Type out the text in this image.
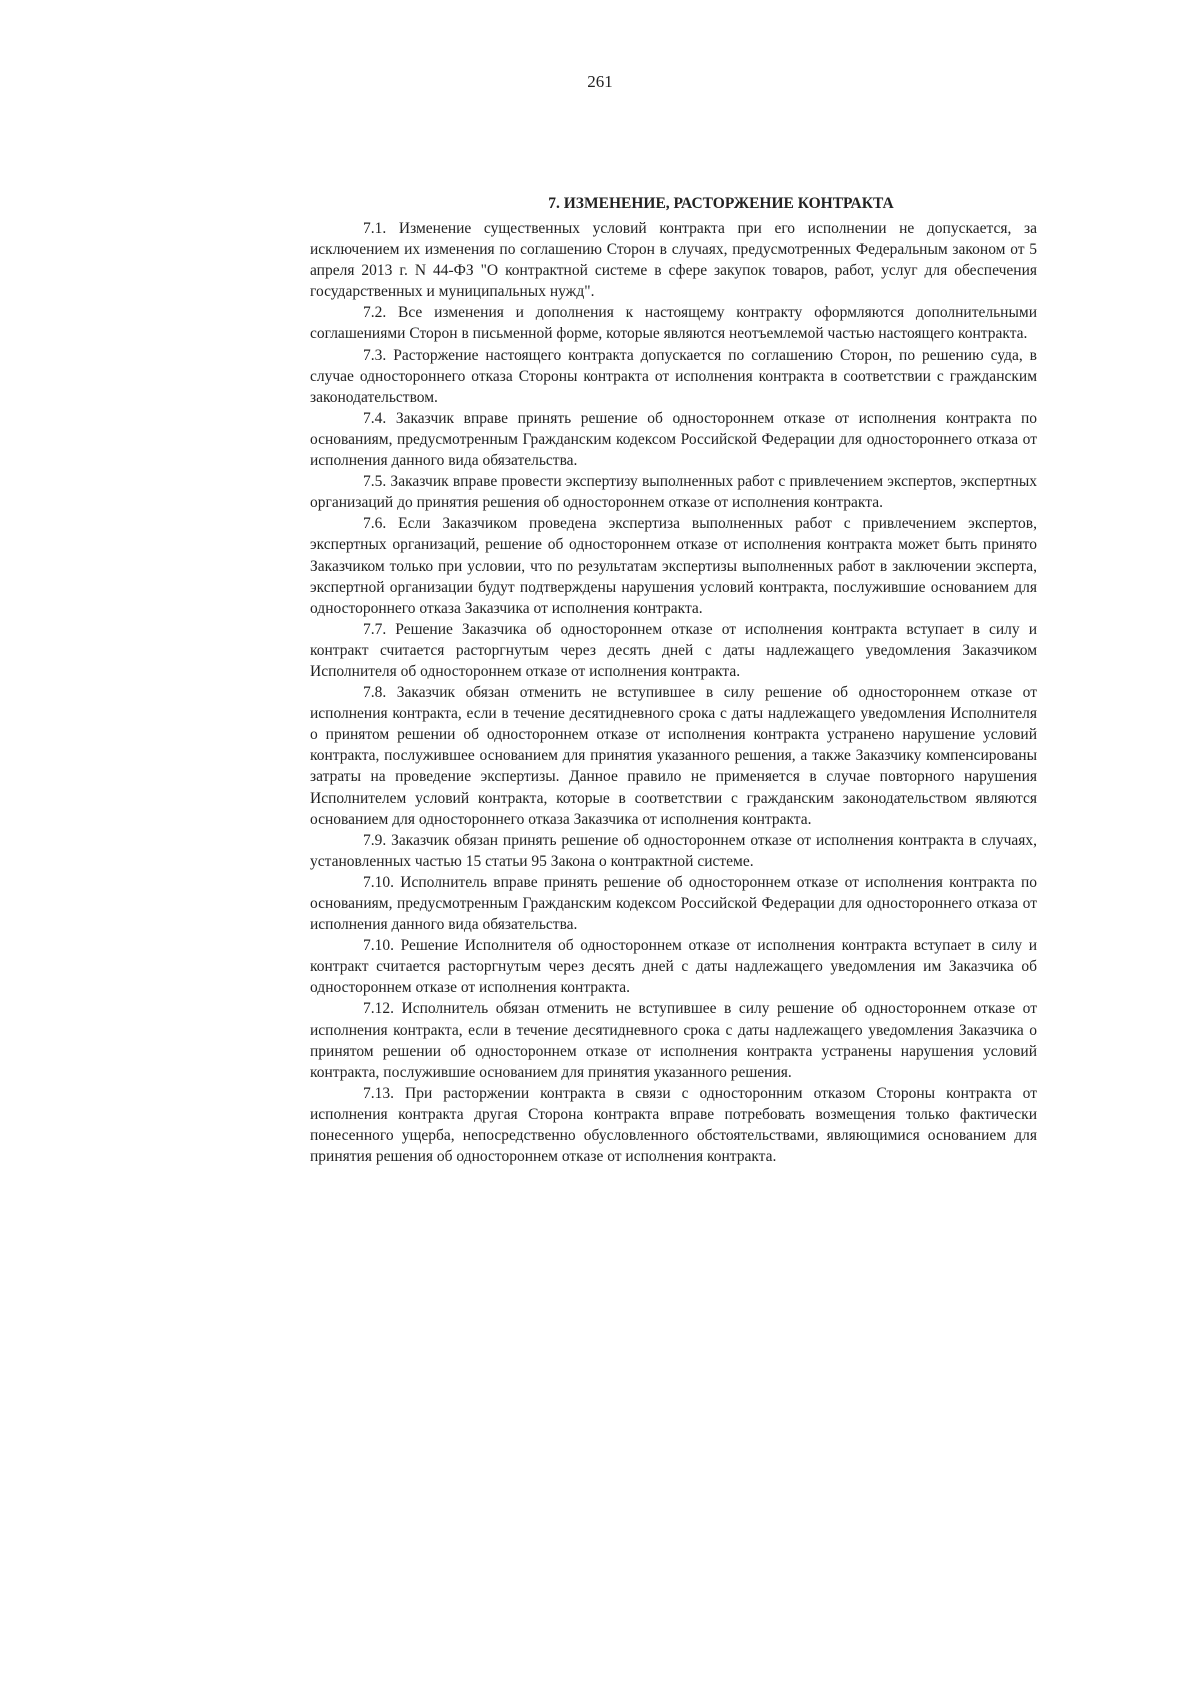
261
7. ИЗМЕНЕНИЕ, РАСТОРЖЕНИЕ КОНТРАКТА

7.1. Изменение существенных условий контракта при его исполнении не допускается, за исключением их изменения по соглашению Сторон в случаях, предусмотренных Федеральным законом от 5 апреля 2013 г. N 44-ФЗ "О контрактной системе в сфере закупок товаров, работ, услуг для обеспечения государственных и муниципальных нужд".

7.2. Все изменения и дополнения к настоящему контракту оформляются дополнительными соглашениями Сторон в письменной форме, которые являются неотъемлемой частью настоящего контракта.

7.3. Расторжение настоящего контракта допускается по соглашению Сторон, по решению суда, в случае одностороннего отказа Стороны контракта от исполнения контракта в соответствии с гражданским законодательством.

7.4. Заказчик вправе принять решение об одностороннем отказе от исполнения контракта по основаниям, предусмотренным Гражданским кодексом Российской Федерации для одностороннего отказа от исполнения данного вида обязательства.

7.5. Заказчик вправе провести экспертизу выполненных работ с привлечением экспертов, экспертных организаций до принятия решения об одностороннем отказе от исполнения контракта.

7.6. Если Заказчиком проведена экспертиза выполненных работ с привлечением экспертов, экспертных организаций, решение об одностороннем отказе от исполнения контракта может быть принято Заказчиком только при условии, что по результатам экспертизы выполненных работ в заключении эксперта, экспертной организации будут подтверждены нарушения условий контракта, послужившие основанием для одностороннего отказа Заказчика от исполнения контракта.

7.7. Решение Заказчика об одностороннем отказе от исполнения контракта вступает в силу и контракт считается расторгнутым через десять дней с даты надлежащего уведомления Заказчиком Исполнителя об одностороннем отказе от исполнения контракта.

7.8. Заказчик обязан отменить не вступившее в силу решение об одностороннем отказе от исполнения контракта, если в течение десятидневного срока с даты надлежащего уведомления Исполнителя о принятом решении об одностороннем отказе от исполнения контракта устранено нарушение условий контракта, послужившее основанием для принятия указанного решения, а также Заказчику компенсированы затраты на проведение экспертизы. Данное правило не применяется в случае повторного нарушения Исполнителем условий контракта, которые в соответствии с гражданским законодательством являются основанием для одностороннего отказа Заказчика от исполнения контракта.

7.9. Заказчик обязан принять решение об одностороннем отказе от исполнения контракта в случаях, установленных частью 15 статьи 95 Закона о контрактной системе.

7.10. Исполнитель вправе принять решение об одностороннем отказе от исполнения контракта по основаниям, предусмотренным Гражданским кодексом Российской Федерации для одностороннего отказа от исполнения данного вида обязательства.

7.10. Решение Исполнителя об одностороннем отказе от исполнения контракта вступает в силу и контракт считается расторгнутым через десять дней с даты надлежащего уведомления им Заказчика об одностороннем отказе от исполнения контракта.

7.12. Исполнитель обязан отменить не вступившее в силу решение об одностороннем отказе от исполнения контракта, если в течение десятидневного срока с даты надлежащего уведомления Заказчика о принятом решении об одностороннем отказе от исполнения контракта устранены нарушения условий контракта, послужившие основанием для принятия указанного решения.

7.13. При расторжении контракта в связи с односторонним отказом Стороны контракта от исполнения контракта другая Сторона контракта вправе потребовать возмещения только фактически понесенного ущерба, непосредственно обусловленного обстоятельствами, являющимися основанием для принятия решения об одностороннем отказе от исполнения контракта.
